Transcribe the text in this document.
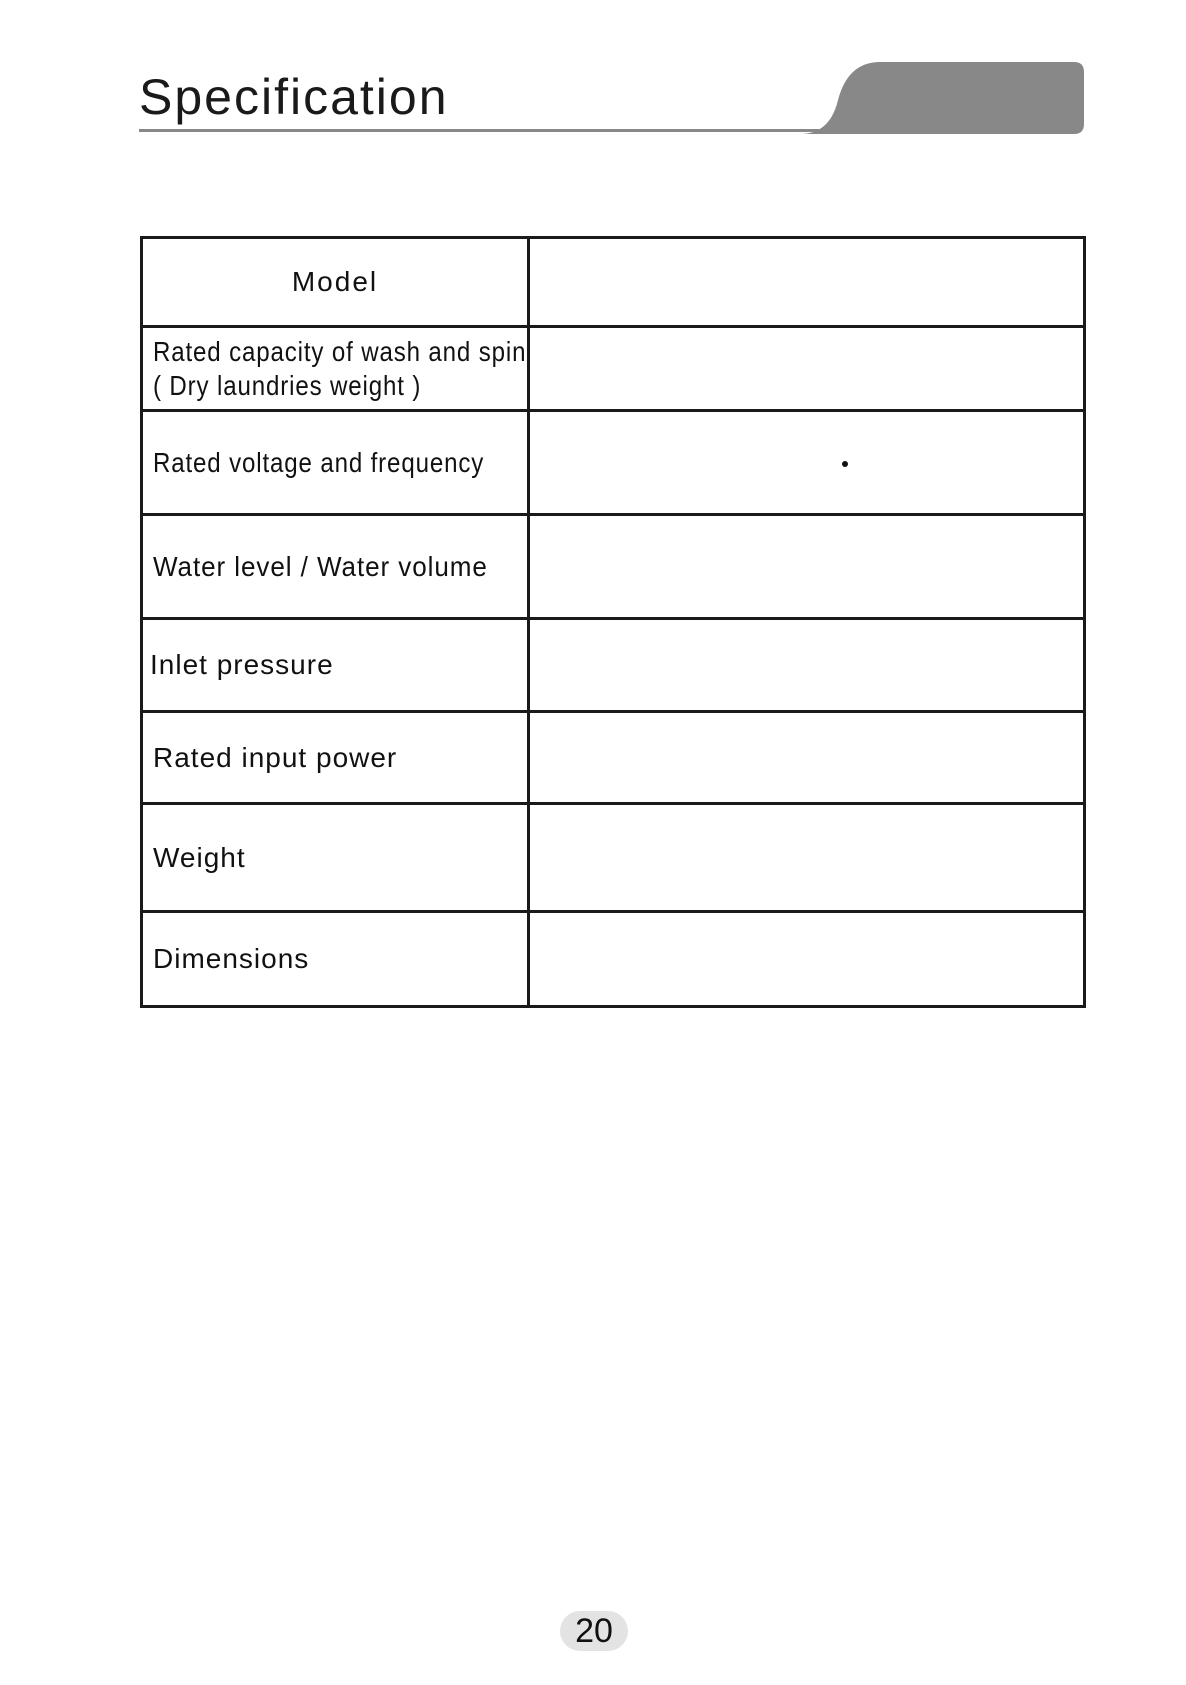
Specification
Model	
Rated capacity of wash and spin
( Dry laundries weight )	
Rated voltage and frequency	
Water level / Water volume	
Inlet pressure	
Rated input power	
Weight	
Dimensions	
20
